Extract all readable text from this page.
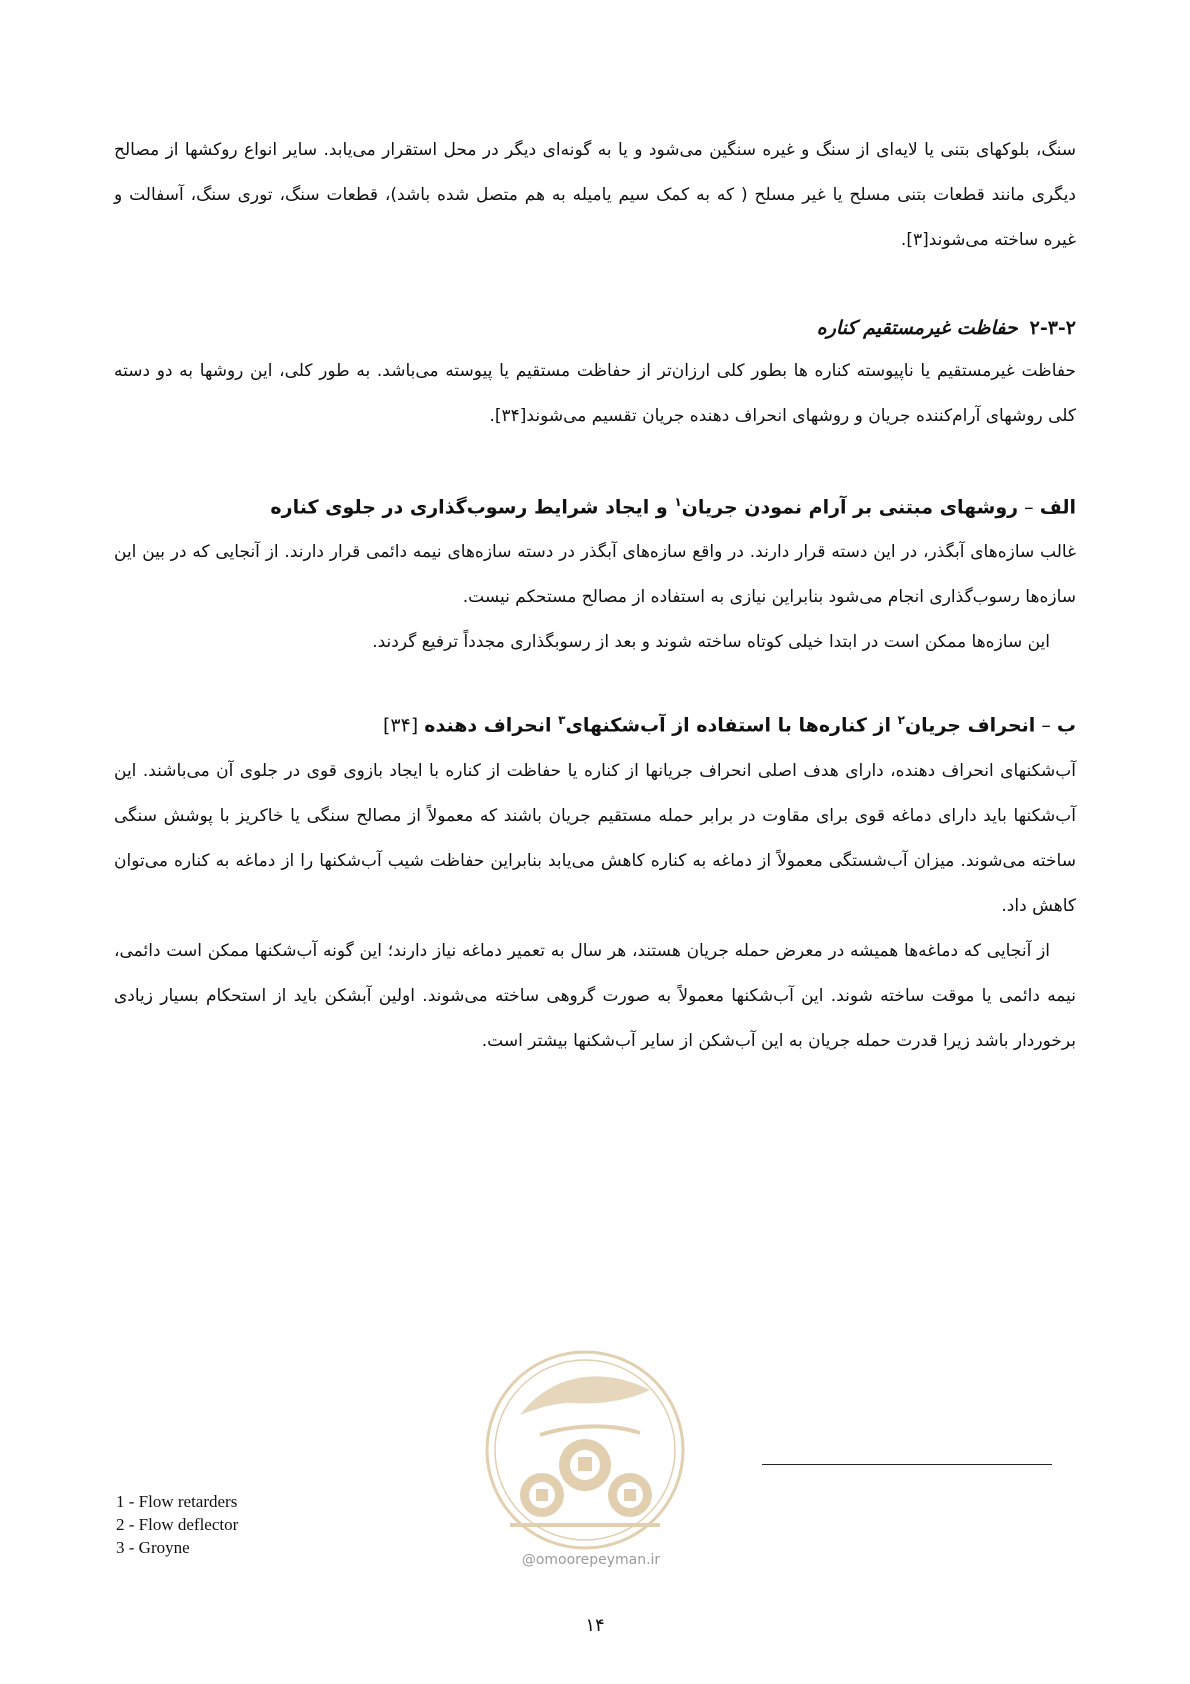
سنگ، بلوکهای بتنی یا لایه‌ای از سنگ و غیره سنگین می‌شود و یا به گونه‌ای دیگر در محل استقرار می‌یابد. سایر انواع روکشها از مصالح دیگری مانند قطعات بتنی مسلح یا غیر مسلح ( که به کمک سیم یامیله به هم متصل شده باشد)، قطعات سنگ، توری سنگ، آسفالت و غیره ساخته می‌شوند[۳].

۲-۳-۲حفاظت غیرمستقیم کناره

حفاظت غیرمستقیم یا ناپیوسته کناره ها بطور کلی ارزان‌تر از حفاظت مستقیم یا پیوسته می‌باشد. به طور کلی، این روشها به دو دسته کلی روشهای آرام‌کننده جریان و روشهای انحراف دهنده جریان تقسیم می‌شوند[۳۴].

الف – روشهای مبتنی بر آرام نمودن جریان$^۱$ و ایجاد شرایط رسوب‌گذاری در جلوی کناره

غالب سازه‌های آبگذر، در این دسته قرار دارند. در واقع سازه‌های آبگذر در دسته سازه‌های نیمه دائمی قرار دارند. از آنجایی که در بین این سازه‌ها رسوب‌گذاری انجام می‌شود بنابراین نیازی به استفاده از مصالح مستحکم نیست.

این سازه‌ها ممکن است در ابتدا خیلی کوتاه ساخته شوند و بعد از رسوبگذاری مجدداً ترفیع گردند.

ب – انحراف جریان$^۲$ از کناره‌ها با استفاده از آب‌شکنهای$^۳$ انحراف دهنده [۳۴]

آب‌شکنهای انحراف دهنده، دارای هدف اصلی انحراف جریانها از کناره یا حفاظت از کناره با ایجاد بازوی قوی در جلوی آن می‌باشند. این آب‌شکنها باید دارای دماغه قوی برای مقاوت در برابر حمله مستقیم جریان باشند که معمولاً از مصالح سنگی یا خاکریز با پوشش سنگی ساخته می‌شوند. میزان آب‌شستگی معمولاً از دماغه به کناره کاهش می‌یابد بنابراین حفاظت شیب آب‌شکنها را از دماغه به کناره می‌توان کاهش داد.

از آنجایی که دماغه‌ها همیشه در معرض حمله جریان هستند، هر سال به تعمیر دماغه نیاز دارند؛ این گونه آب‌شکنها ممکن است دائمی، نیمه دائمی یا موقت ساخته شوند. این آب‌شکنها معمولاً به صورت گروهی ساخته می‌شوند. اولین آبشکن باید از استحکام بسیار زیادی برخوردار باشد زیرا قدرت حمله جریان به این آب‌شکن از سایر آب‌شکنها بیشتر است.

@omoorepeyman.ir
1 - Flow retarders
2 - Flow deflector
3 - Groyne
۱۴
